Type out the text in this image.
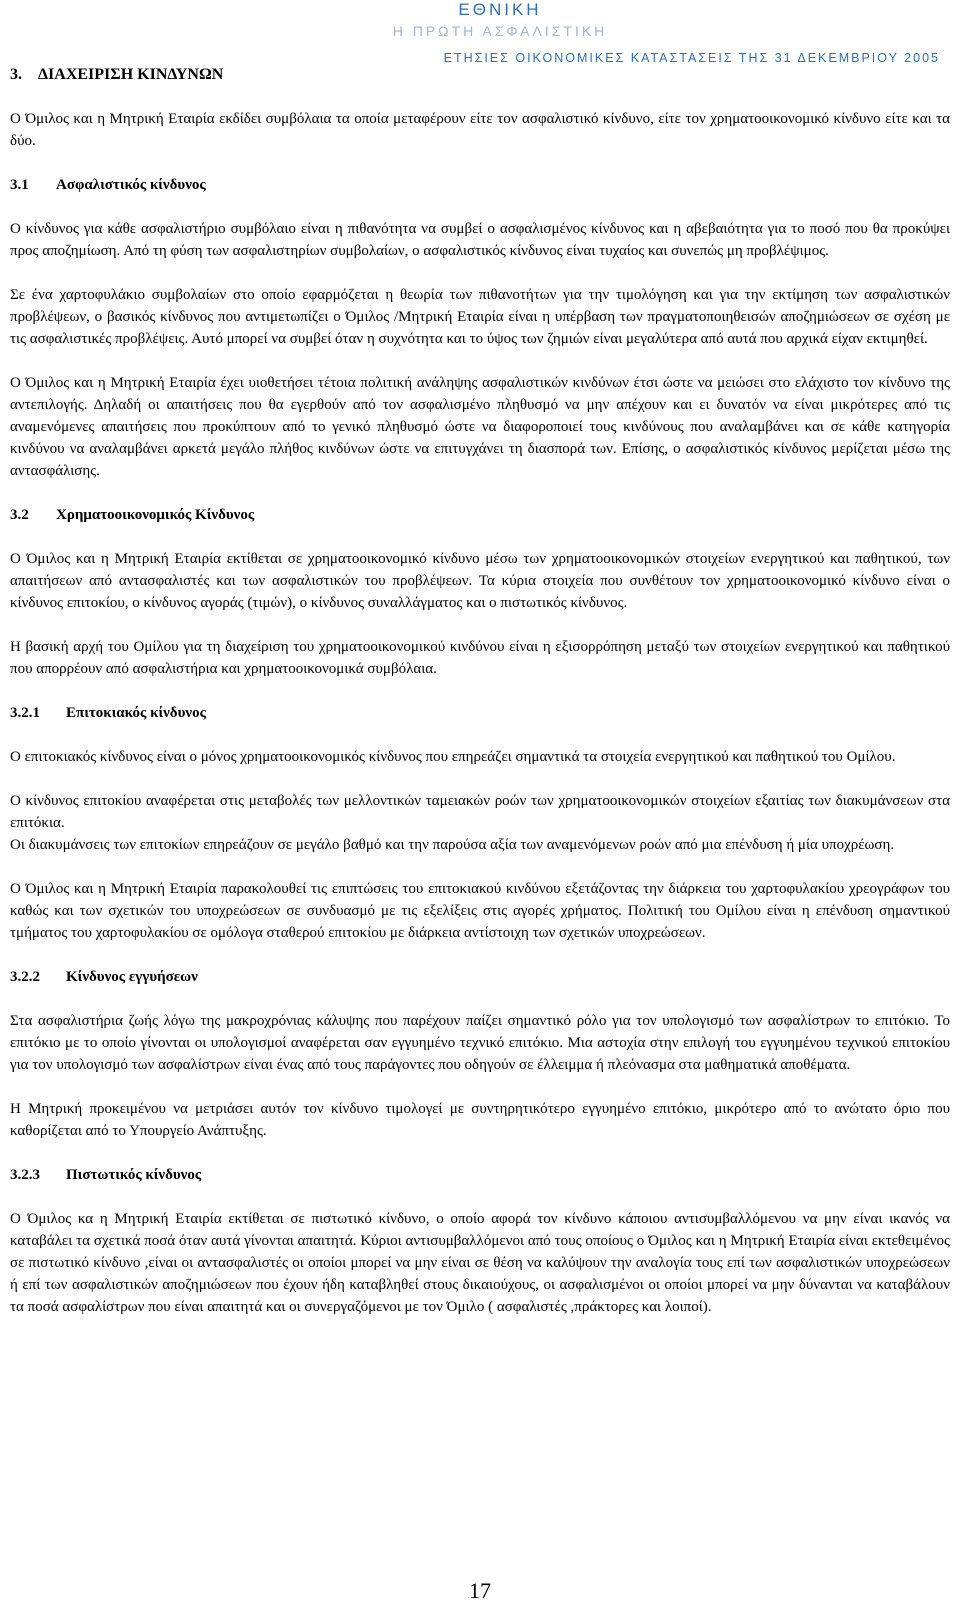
ΕΘΝΙΚΗ
Η ΠΡΩΤΗ ΑΣΦΑΛΙΣΤΙΚΗ
ΕΤΗΣΙΕΣ ΟΙΚΟΝΟΜΙΚΕΣ ΚΑΤΑΣΤΑΣΕΙΣ ΤΗΣ 31 ΔΕΚΕΜΒΡΙΟΥ 2005
3. ΔΙΑΧΕΙΡΙΣΗ ΚΙΝΔΥΝΩΝ

Ο Όμιλος και η Μητρική Εταιρία εκδίδει συμβόλαια τα οποία μεταφέρουν είτε τον ασφαλιστικό κίνδυνο, είτε τον χρηματοοικονομικό κίνδυνο είτε και τα δύο.

3.1 Ασφαλιστικός κίνδυνος

Ο κίνδυνος για κάθε ασφαλιστήριο συμβόλαιο είναι η πιθανότητα να συμβεί ο ασφαλισμένος κίνδυνος και η αβεβαιότητα για το ποσό που θα προκύψει προς αποζημίωση. Από τη φύση των ασφαλιστηρίων συμβολαίων, ο ασφαλιστικός κίνδυνος είναι τυχαίος και συνεπώς μη προβλέψιμος.

Σε ένα χαρτοφυλάκιο συμβολαίων στο οποίο εφαρμόζεται η θεωρία των πιθανοτήτων για την τιμολόγηση και για την εκτίμηση των ασφαλιστικών προβλέψεων, ο βασικός κίνδυνος που αντιμετωπίζει ο Όμιλος /Μητρική Εταιρία είναι η υπέρβαση των πραγματοποιηθεισών αποζημιώσεων σε σχέση με τις ασφαλιστικές προβλέψεις. Αυτό μπορεί να συμβεί όταν η συχνότητα και το ύψος των ζημιών είναι μεγαλύτερα από αυτά που αρχικά είχαν εκτιμηθεί.

Ο Όμιλος και η Μητρική Εταιρία έχει υιοθετήσει τέτοια πολιτική ανάληψης ασφαλιστικών κινδύνων έτσι ώστε να μειώσει στο ελάχιστο τον κίνδυνο της αντεπιλογής. Δηλαδή οι απαιτήσεις που θα εγερθούν από τον ασφαλισμένο πληθυσμό να μην απέχουν και ει δυνατόν να είναι μικρότερες από τις αναμενόμενες απαιτήσεις που προκύπτουν από το γενικό πληθυσμό ώστε να διαφοροποιεί τους κινδύνους που αναλαμβάνει και σε κάθε κατηγορία κινδύνου να αναλαμβάνει αρκετά μεγάλο πλήθος κινδύνων ώστε να επιτυγχάνει τη διασπορά των. Επίσης, ο ασφαλιστικός κίνδυνος μερίζεται μέσω της αντασφάλισης.

3.2 Χρηματοοικονομικός Κίνδυνος

Ο Όμιλος και η Μητρική Εταιρία εκτίθεται σε χρηματοοικονομικό κίνδυνο μέσω των χρηματοοικονομικών στοιχείων ενεργητικού και παθητικού, των απαιτήσεων από αντασφαλιστές και των ασφαλιστικών του προβλέψεων. Τα κύρια στοιχεία που συνθέτουν τον χρηματοοικονομικό κίνδυνο είναι ο κίνδυνος επιτοκίου, ο κίνδυνος αγοράς (τιμών), ο κίνδυνος συναλλάγματος και ο πιστωτικός κίνδυνος.

Η βασική αρχή του Ομίλου για τη διαχείριση του χρηματοοικονομικού κινδύνου είναι η εξισορρόπηση μεταξύ των στοιχείων ενεργητικού και παθητικού που απορρέουν από ασφαλιστήρια και χρηματοοικονομικά συμβόλαια.

3.2.1 Επιτοκιακός κίνδυνος

Ο επιτοκιακός κίνδυνος είναι ο μόνος χρηματοοικονομικός κίνδυνος που επηρεάζει σημαντικά τα στοιχεία ενεργητικού και παθητικού του Ομίλου.

Ο κίνδυνος επιτοκίου αναφέρεται στις μεταβολές των μελλοντικών ταμειακών ροών των χρηματοοικονομικών στοιχείων εξαιτίας των διακυμάνσεων στα επιτόκια.

Οι διακυμάνσεις των επιτοκίων επηρεάζουν σε μεγάλο βαθμό και την παρούσα αξία των αναμενόμενων ροών από μια επένδυση ή μία υποχρέωση.

Ο Όμιλος και η Μητρική Εταιρία παρακολουθεί τις επιπτώσεις του επιτοκιακού κινδύνου εξετάζοντας την διάρκεια του χαρτοφυλακίου χρεογράφων του καθώς και των σχετικών του υποχρεώσεων σε συνδυασμό με τις εξελίξεις στις αγορές χρήματος. Πολιτική του Ομίλου είναι η επένδυση σημαντικού τμήματος του χαρτοφυλακίου σε ομόλογα σταθερού επιτοκίου με διάρκεια αντίστοιχη των σχετικών υποχρεώσεων.

3.2.2 Κίνδυνος εγγυήσεων

Στα ασφαλιστήρια ζωής λόγω της μακροχρόνιας κάλυψης που παρέχουν παίζει σημαντικό ρόλο για τον υπολογισμό των ασφαλίστρων το επιτόκιο. Το επιτόκιο με το οποίο γίνονται οι υπολογισμοί αναφέρεται σαν εγγυημένο τεχνικό επιτόκιο. Μια αστοχία στην επιλογή του εγγυημένου τεχνικού επιτοκίου για τον υπολογισμό των ασφαλίστρων είναι ένας από τους παράγοντες που οδηγούν σε έλλειμμα ή πλεόνασμα στα μαθηματικά αποθέματα.

Η Μητρική προκειμένου να μετριάσει αυτόν τον κίνδυνο τιμολογεί με συντηρητικότερο εγγυημένο επιτόκιο, μικρότερο από το ανώτατο όριο που καθορίζεται από το Υπουργείο Ανάπτυξης.

3.2.3 Πιστωτικός κίνδυνος

Ο Όμιλος κα η Μητρική Εταιρία εκτίθεται σε πιστωτικό κίνδυνο, ο οποίο αφορά τον κίνδυνο κάποιου αντισυμβαλλόμενου να μην είναι ικανός να καταβάλει τα σχετικά ποσά όταν αυτά γίνονται απαιτητά. Κύριοι αντισυμβαλλόμενοι από τους οποίους ο Όμιλος και η Μητρική Εταιρία είναι εκτεθειμένος σε πιστωτικό κίνδυνο ,είναι οι αντασφαλιστές οι οποίοι μπορεί να μην είναι σε θέση να καλύψουν την αναλογία τους επί των ασφαλιστικών υποχρεώσεων ή επί των ασφαλιστικών αποζημιώσεων που έχουν ήδη καταβληθεί στους δικαιούχους, οι ασφαλισμένοι οι οποίοι μπορεί να μην δύνανται να καταβάλουν τα ποσά ασφαλίστρων που είναι απαιτητά και οι συνεργαζόμενοι με τον Όμιλο ( ασφαλιστές ,πράκτορες και λοιποί).

17
